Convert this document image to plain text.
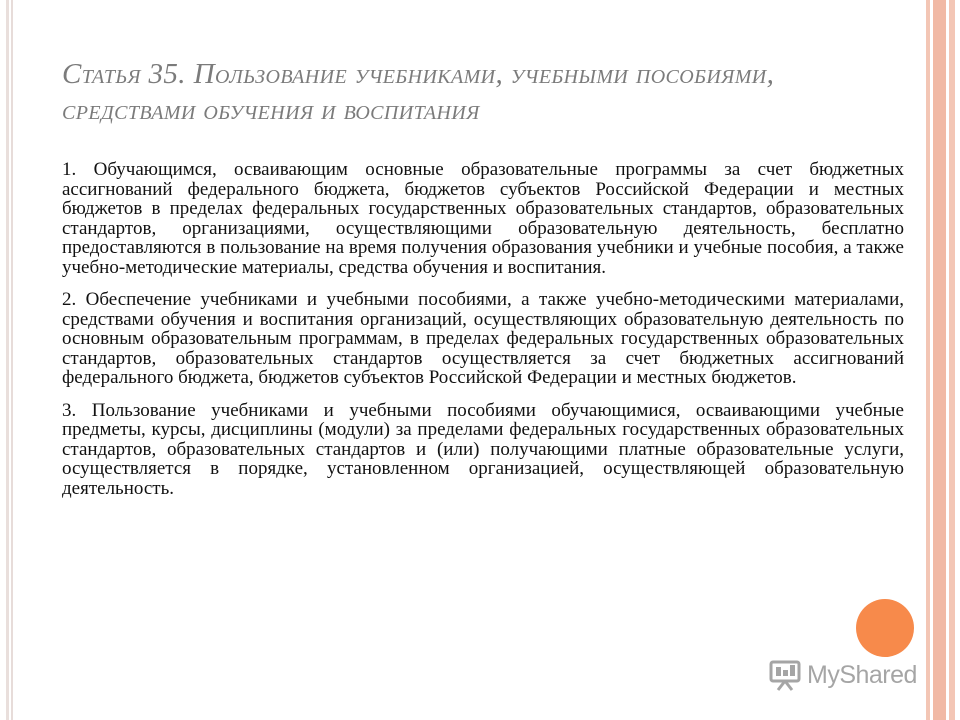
Статья 35. Пользование учебниками, учебными пособиями, средствами обучения и воспитания

1. Обучающимся, осваивающим основные образовательные программы за счет бюджетных ассигнований федерального бюджета, бюджетов субъектов Российской Федерации и местных бюджетов в пределах федеральных государственных образовательных стандартов, образовательных стандартов, организациями, осуществляющими образовательную деятельность, бесплатно предоставляются в пользование на время получения образования учебники и учебные пособия, а также учебно-методические материалы, средства обучения и воспитания.

2. Обеспечение учебниками и учебными пособиями, а также учебно-методическими материалами, средствами обучения и воспитания организаций, осуществляющих образовательную деятельность по основным образовательным программам, в пределах федеральных государственных образовательных стандартов, образовательных стандартов осуществляется за счет бюджетных ассигнований федерального бюджета, бюджетов субъектов Российской Федерации и местных бюджетов.

3. Пользование учебниками и учебными пособиями обучающимися, осваивающими учебные предметы, курсы, дисциплины (модули) за пределами федеральных государственных образовательных стандартов, образовательных стандартов и (или) получающими платные образовательные услуги, осуществляется в порядке, установленном организацией, осуществляющей образовательную деятельность.

MyShared
